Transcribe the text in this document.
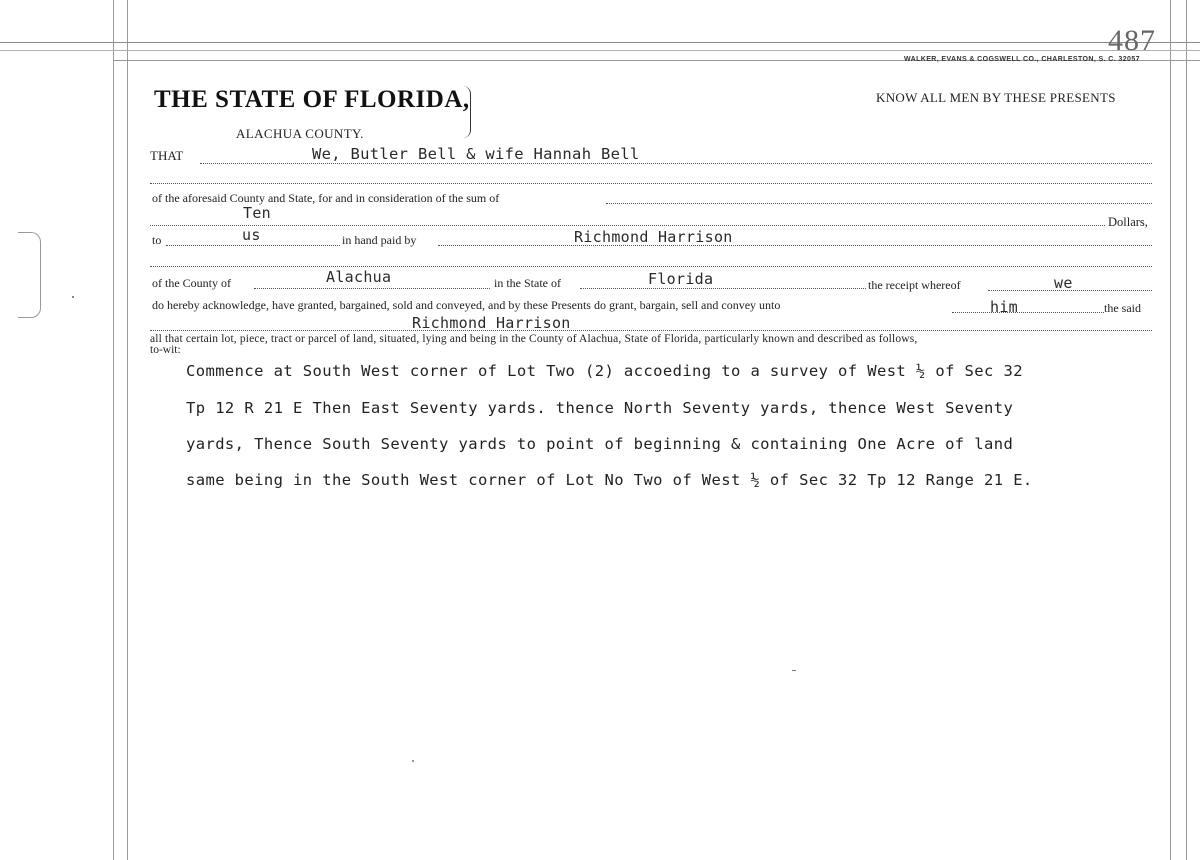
487
WALKER, EVANS & COGSWELL CO., CHARLESTON, S. C. 32057
THE STATE OF FLORIDA,	KNOW ALL MEN BY THESE PRESENTS
ALACHUA COUNTY.
THAT	We, Butler Bell & wife Hannah Bell
of the aforesaid County and State, for and in consideration of the sum of
Ten	Dollars,
to	us	in hand paid by	Richmond Harrison
of the County of	Alachua	in the State of	Florida	the receipt whereof	we
do hereby acknowledge, have granted, bargained, sold and conveyed, and by these Presents do grant, bargain, sell and convey unto	him	the said
Richmond Harrison
all that certain lot, piece, tract or parcel of land, situated, lying and being in the County of Alachua, State of Florida, particularly known and described as follows,
to-wit:
Commence at South West corner of Lot Two (2) accoeding to a survey of West ½ of Sec 32
Tp 12 R 21 E Then East Seventy yards. thence North Seventy yards, thence West Seventy
yards, Thence South Seventy yards to point of beginning & containing One Acre of land
same being in the South West corner of Lot No Two of West ½ of Sec 32 Tp 12 Range 21 E.
